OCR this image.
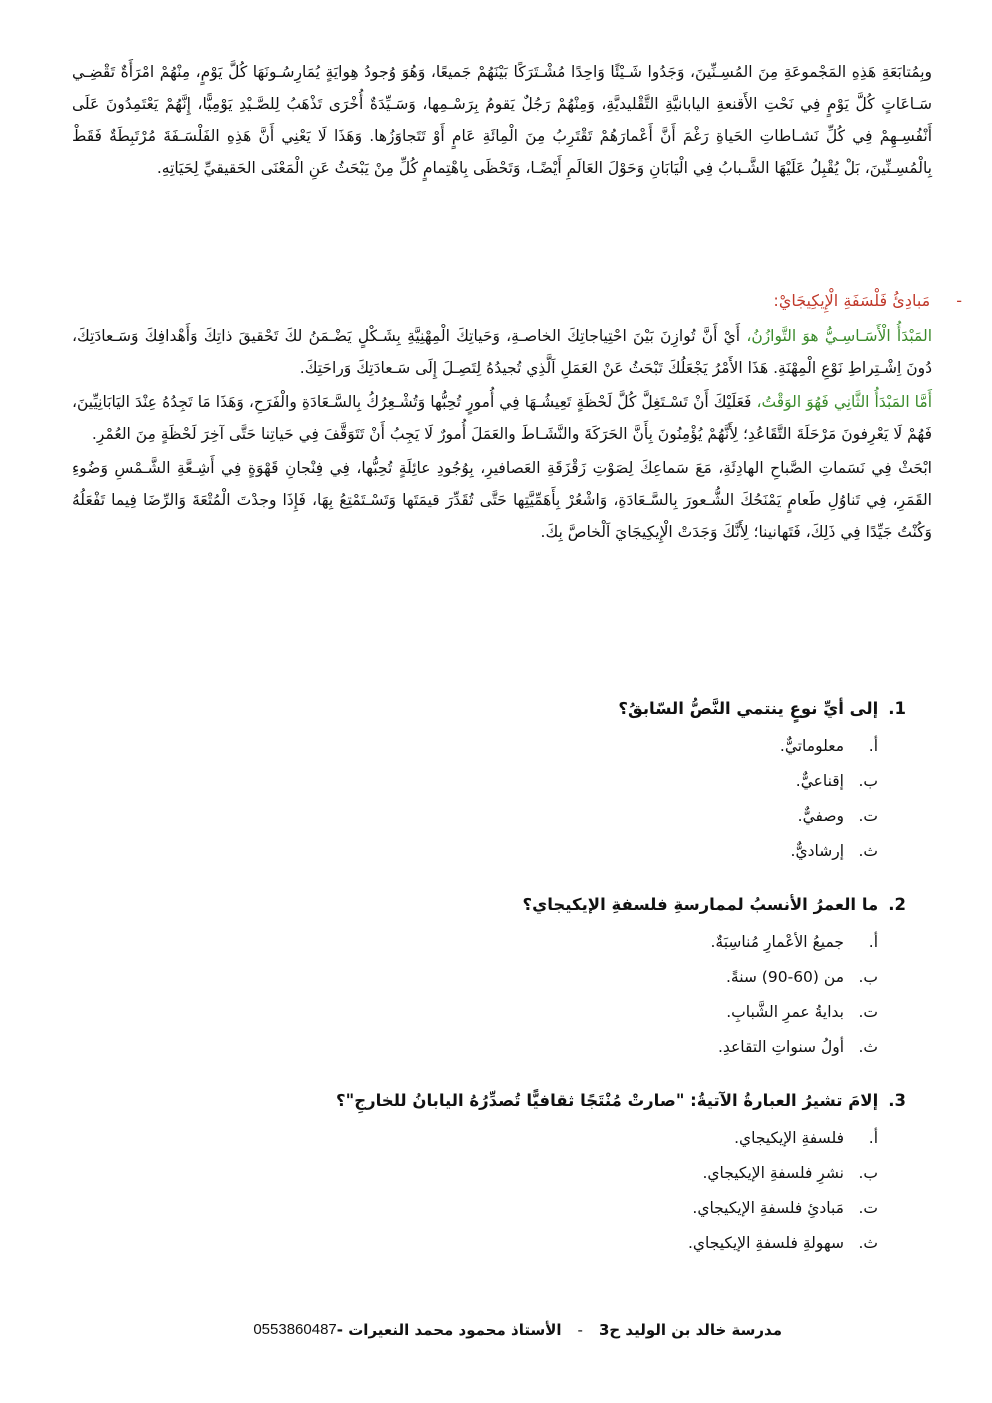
وبِمُتابَعَةِ هَذِهِ المَجْموعَةِ مِنَ المُسِـنِّينَ، وَجَدُوا شَـيْئًا وَاحِدًا مُشْـتَرَكًا بَيْنَهُمْ جَميعًا، وَهُوَ وُجودُ هِوايَةٍ يُمَارِسُـونَهَا كُلَّ يَوْمٍ، مِنْهُمْ امْرَأَةٌ تَقْضِـي سَـاعَاتٍ كُلَّ يَوْمٍ فِي نَحْتِ الأَقنعةِ اليابانيَّةِ التَّقْليديَّةِ، وَمِنْهُمْ رَجُلٌ يَقومُ بِرَسْـمِها، وَسَـيِّدَةٌ أُخْرَى تَذْهَبُ لِلصَّـيْدِ يَوْمِيًّا، إِنَّهُمْ يَعْتَمِدُونَ عَلَى أَنْفُسِـهِمْ فِي كُلِّ نَشـاطاتِ الحَياةِ رَغْمَ أَنَّ أَعْمارَهُمْ تَقْتَرِبُ مِنَ الْمِائَةِ عَامٍ أَوْ تَتَجاوَزُها. وَهَذَا لَا يَعْنِي أَنَّ هَذِهِ الفَلْسَـفَةَ مُرْتَبِطَةٌ فَقَطْ بِالْمُسِـنِّينَ، بَلْ يُقْبِلُ عَلَيْهَا الشَّـبابُ فِي الْيَابَانِ وَحَوْلَ العَالَمِ أَيْضًـا، وَتَحْظَى بِاهْتِمامٍ كُلِّ مِنْ يَبْحَثُ عَنِ الْمَعْنَى الحَقيقيِّ لِحَيَاتِهِ.

-
مَبادِئُ فَلْسَفَةِ الْإِيكِيجَايْ:

المَبْدَأُ الْأَسَـاسِـيُّ هوَ التَّوازُنُ، أَيْ أَنَّ تُوازِنَ بَيْنَ احْتِياجاتِكَ الخاصـةِ، وَحَياتِكَ الْمِهْنِيَّةِ بِشَـكْلٍ يَضْـمَنُ لكَ تَحْقيقَ ذاتِكَ وَأَهْدافِكَ وَسَـعادَتِكَ، دُونَ اِشْـتِراطِ نَوْعِ الْمِهْنَةِ. هَذَا الأَمْرُ يَجْعَلُكَ تَبْحَثُ عَنْ العَمَلِ اَلَّذِي تُجيدُهُ لِتَصِـلَ إِلَى سَـعادَتِكَ وَراحَتِكَ.

أَمَّا المَبْدَأُ الثَّانِي فَهُوَ الوَقْتُ، فَعَلَيْكَ أَنْ تَسْـتَغِلَّ كُلَّ لَحْظَةٍ تَعِيشُـهَا فِي أُمورٍ تُحِبُّها وَتُشْـعِرُكُ بِالسَّـعَادَةِ والْفَرَحِ، وَهَذَا مَا تَجِدُهُ عِنْدَ اليَابَانِيِّينَ، فَهُمْ لَا يَعْرِفونَ مَرْحَلَةَ التَّقَاعُدِ؛ لِأَنَّهُمْ يُؤْمِنُونَ بِأَنَّ الحَرَكَةَ والنَّشَـاطَ والعَمَلَ أُمورٌ لَا يَجِبُ أَنْ تَتَوَقَّفَ فِي حَياتِنا حَتَّى آخِرَ لَحْظَةٍ مِنَ العُمْرِ.

ابْحَثْ فِي نَسَماتِ الصَّباحِ الهادِئَةِ، مَعَ سَماعِكَ لِصَوْتِ زَقْزَقَةِ العَصافيرِ، بِوُجُودِ عائِلَةٍ تُحِبُّها، فِي فِنْجانِ قَهْوَةٍ فِي أَشِـعَّةِ الشَّـمْسِ وَضُوءِ القَمَرِ، فِي تَناوُلِ طَعامٍ يَمْنَحُكَ الشُّـعورَ بِالسَّـعَادَةِ، وَاشْعُرْ بِأَهَمِّيَّتِها حَتَّى تُقَدِّرَ قيمَتَها وَتَسْـتَمْتِعُ بِهَا، فَإِذَا وجدْتَ الْمُتْعَةَ وَالرِّضَا فِيما تَفْعَلُهُ وَكُنْتُ جَيِّدًا فِي ذَلِكَ، فَتَهانينا؛ لِأَنَّكَ وَجَدَتْ الْإِيكِيجَايَ اَلْخاصَّ بِكَ.

1.
إلى أيِّ نوعٍ ينتمي النَّصُّ السّابقُ؟
أ.
معلوماتيٌّ.
ب.
إقناعيٌّ.
ت.
وصفيٌّ.
ث.
إرشاديٌّ.
2.
ما العمرُ الأنسبُ لممارسةِ فلسفةِ الإيكيجاي؟
أ.
جميعُ الأعْمارِ مُناسِبَةٌ.
ب.
من (60-90) سنةً.
ت.
بدايةُ عمرِ الشَّبابِ.
ث.
أولُ سنواتِ التقاعدِ.
3.
إلامَ تشيرُ العبارةُ الآتيةُ: "صارتْ مُنْتَجًا ثقافيًّا تُصدِّرُهُ اليابانُ للخارجِ"؟
أ.
فلسفةِ الإيكيجاي.
ب.
نشرِ فلسفةِ الإيكيجاي.
ت.
مَبادئِ فلسفةِ الإيكيجاي.
ث.
سهولةِ فلسفةِ الإيكيجاي.
مدرسة خالد بن الوليد ح3
-
الأستاذ محمود محمد النعيرات -
0553860487
